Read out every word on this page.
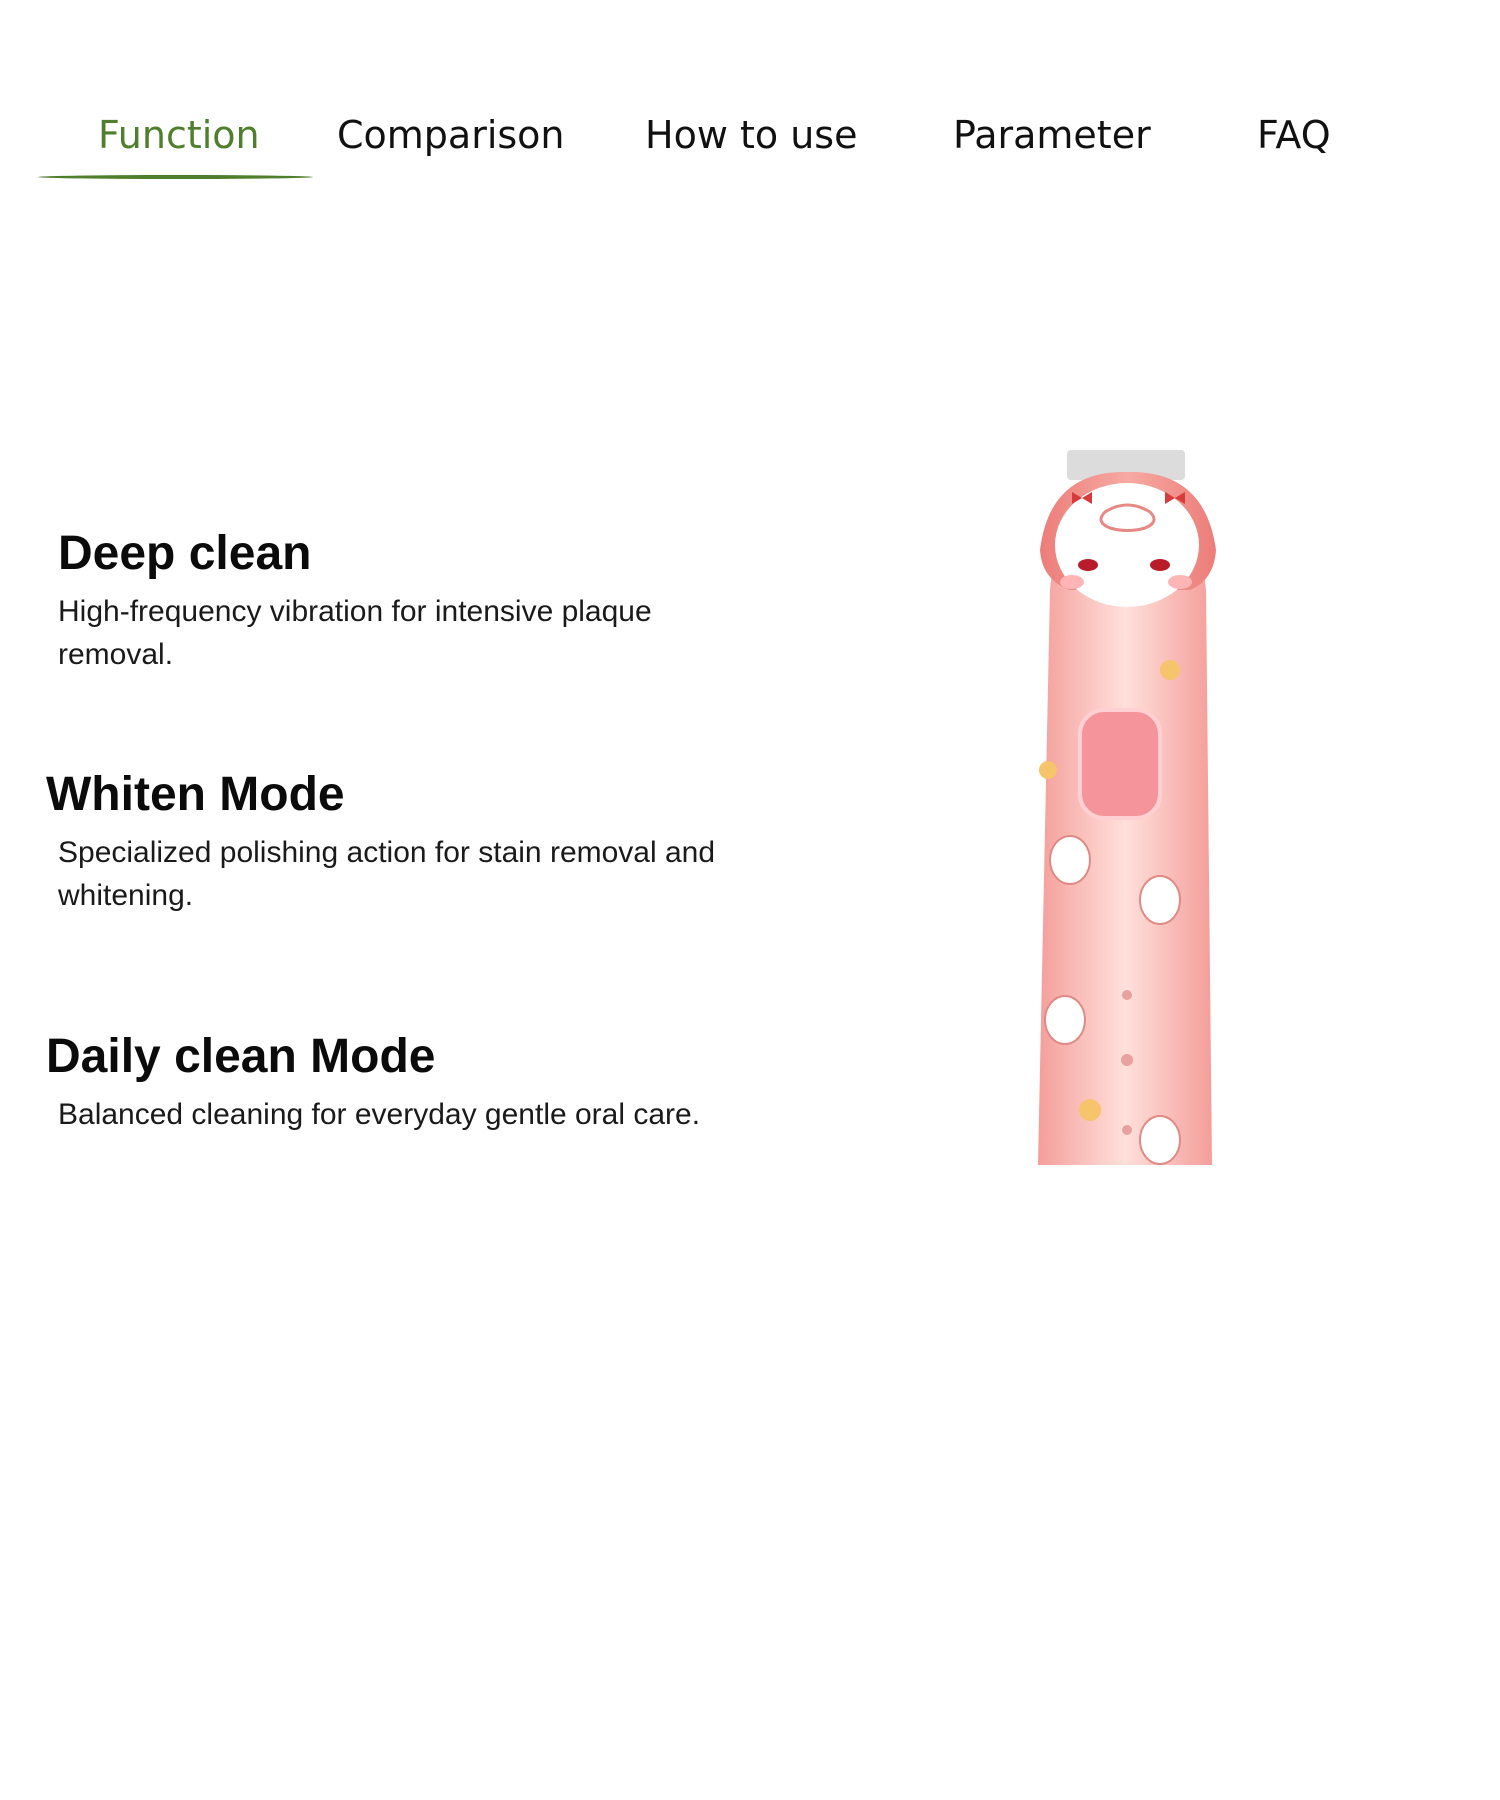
Function Comparison How to use	Parameter	FAQ
Deep clean

High-frequency vibration for intensive plaque removal.

Whiten Mode

Specialized polishing action for stain removal and whitening.

Daily clean Mode

Balanced cleaning for everyday gentle oral care.
